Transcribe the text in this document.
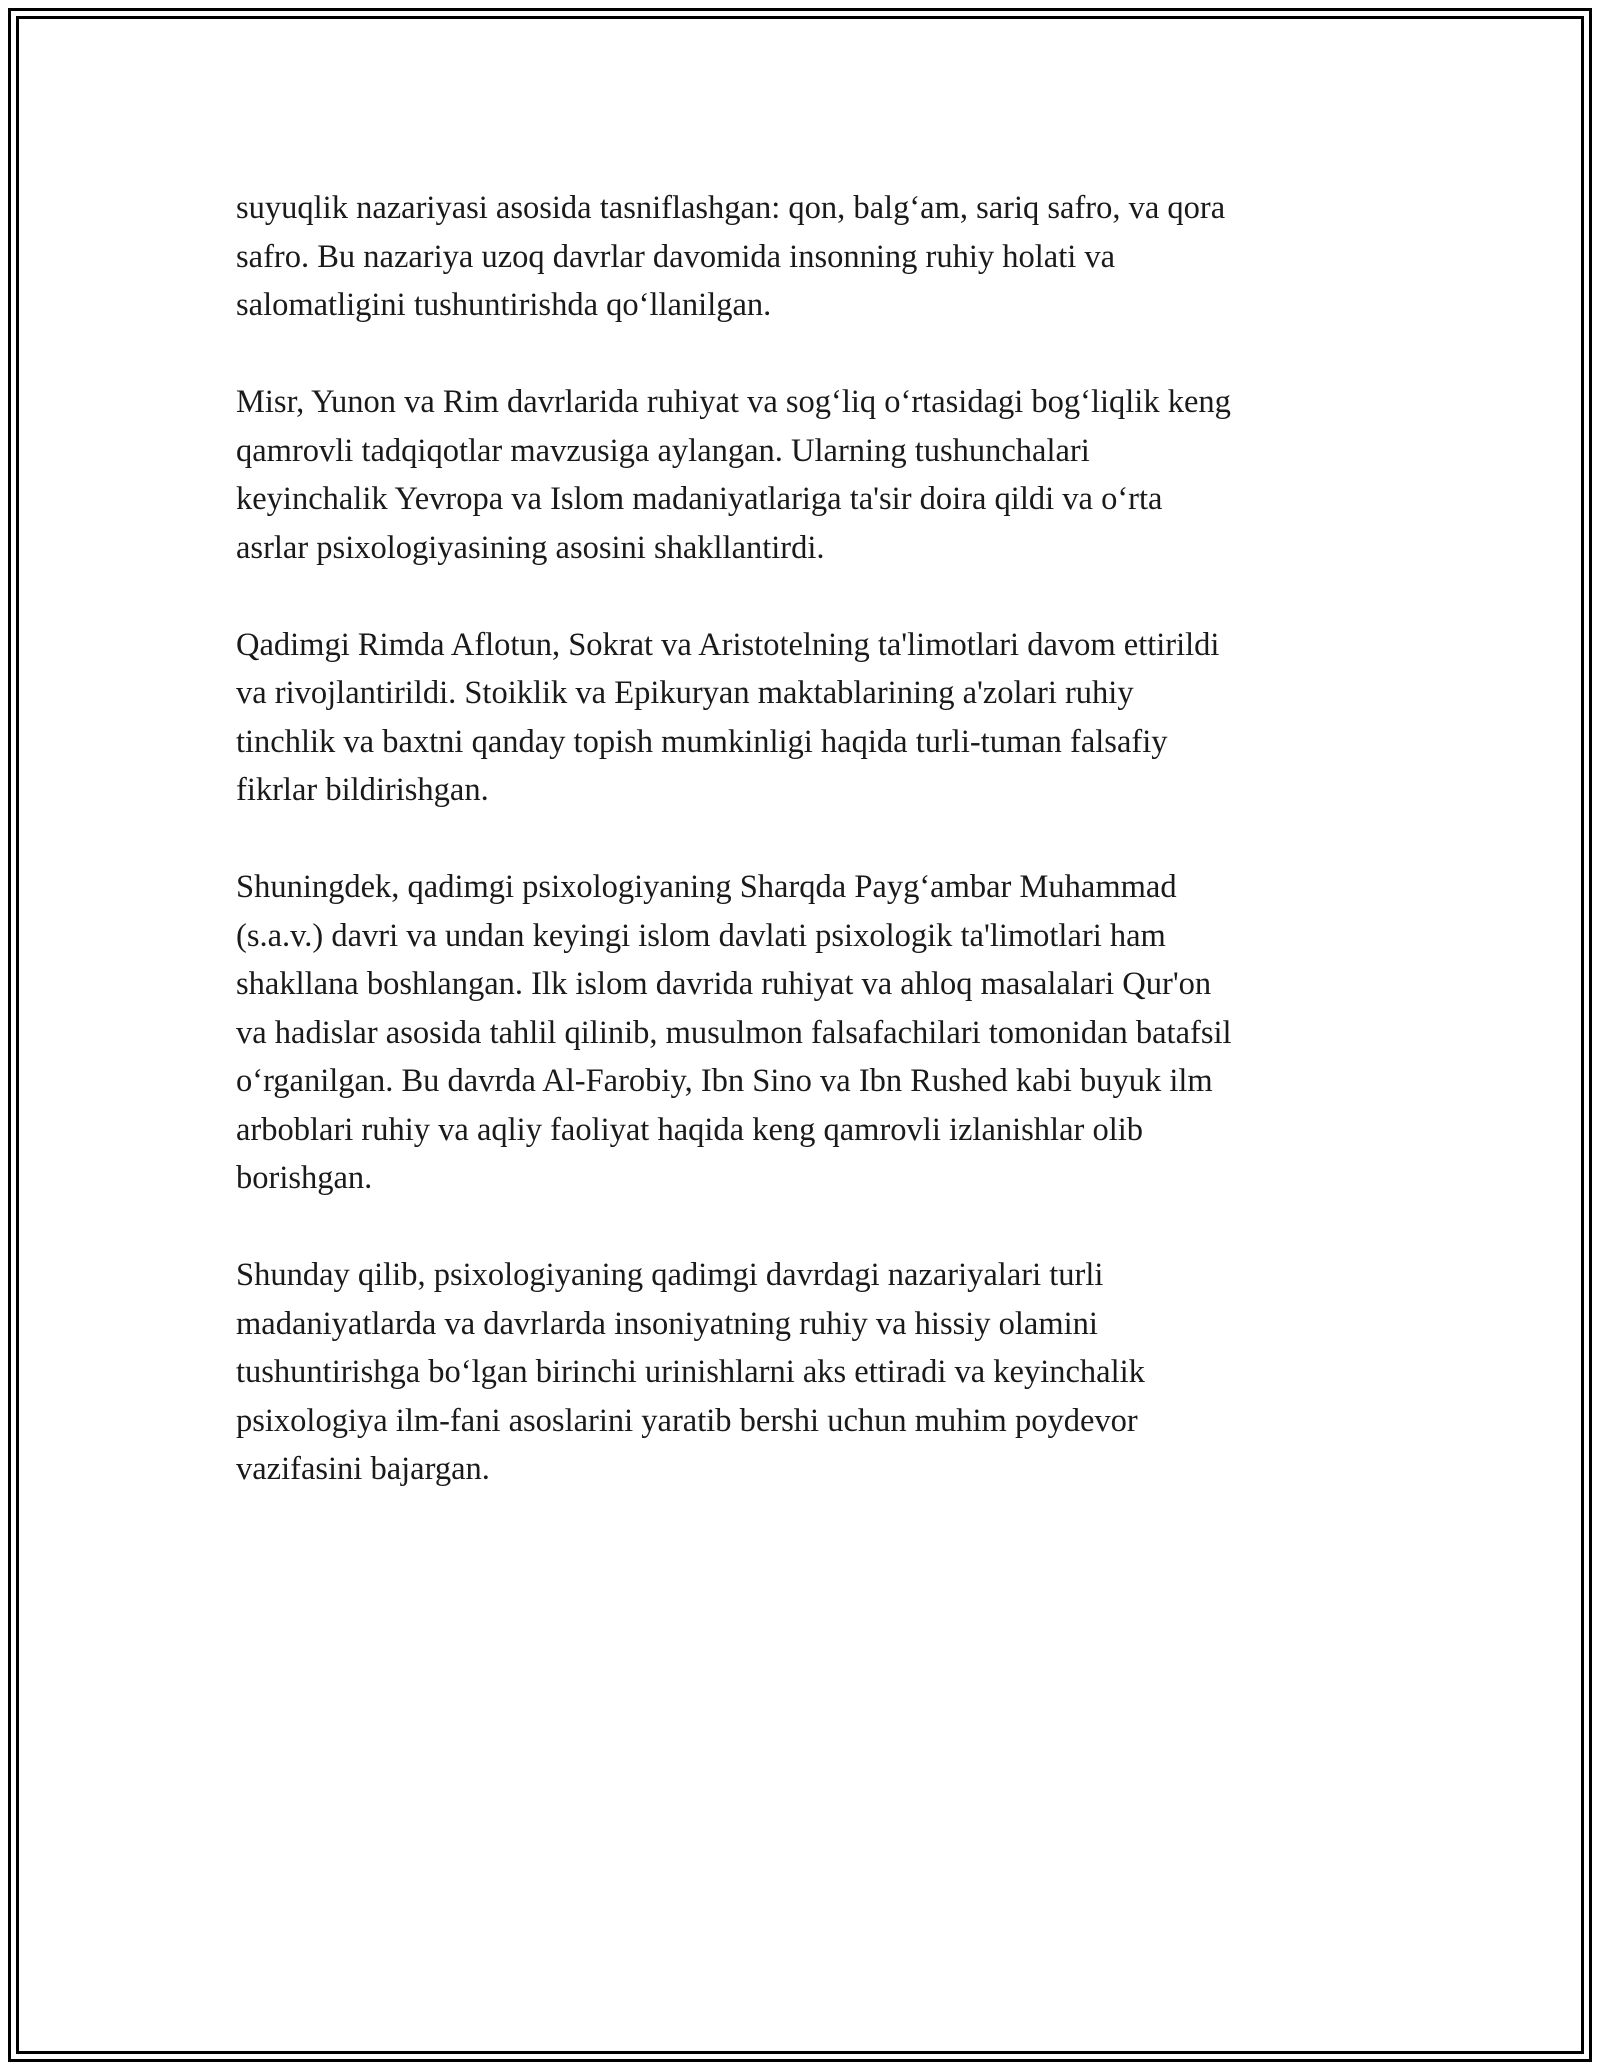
suyuqlik nazariyasi asosida tasniflashgan: qon, balg‘am, sariq safro, va qora
safro. Bu nazariya uzoq davrlar davomida insonning ruhiy holati va
salomatligini tushuntirishda qo‘llanilgan.

Misr, Yunon va Rim davrlarida ruhiyat va sog‘liq o‘rtasidagi bog‘liqlik keng
qamrovli tadqiqotlar mavzusiga aylangan. Ularning tushunchalari
keyinchalik Yevropa va Islom madaniyatlariga ta'sir doira qildi va o‘rta
asrlar psixologiyasining asosini shakllantirdi.

Qadimgi Rimda Aflotun, Sokrat va Aristotelning ta'limotlari davom ettirildi
va rivojlantirildi. Stoiklik va Epikuryan maktablarining a'zolari ruhiy
tinchlik va baxtni qanday topish mumkinligi haqida turli-tuman falsafiy
fikrlar bildirishgan.

Shuningdek, qadimgi psixologiyaning Sharqda Payg‘ambar Muhammad
(s.a.v.) davri va undan keyingi islom davlati psixologik ta'limotlari ham
shakllana boshlangan. Ilk islom davrida ruhiyat va ahloq masalalari Qur'on
va hadislar asosida tahlil qilinib, musulmon falsafachilari tomonidan batafsil
o‘rganilgan. Bu davrda Al-Farobiy, Ibn Sino va Ibn Rushed kabi buyuk ilm
arboblari ruhiy va aqliy faoliyat haqida keng qamrovli izlanishlar olib
borishgan.

Shunday qilib, psixologiyaning qadimgi davrdagi nazariyalari turli
madaniyatlarda va davrlarda insoniyatning ruhiy va hissiy olamini
tushuntirishga bo‘lgan birinchi urinishlarni aks ettiradi va keyinchalik
psixologiya ilm-fani asoslarini yaratib bershi uchun muhim poydevor
vazifasini bajargan.
